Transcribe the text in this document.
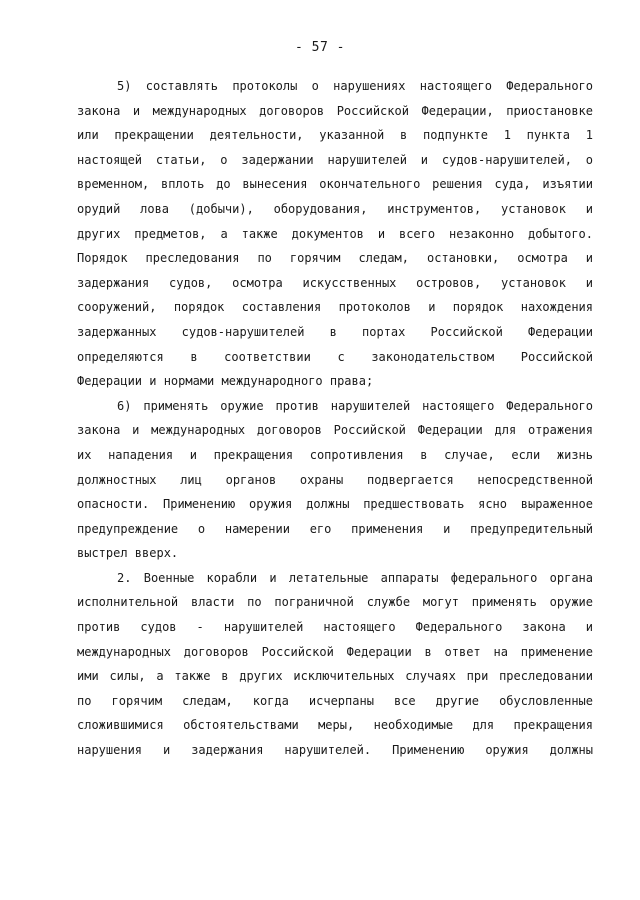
- 57 -
5) составлять протоколы о нарушениях настоящего Федерального
закона и международных договоров Российской Федерации, приостановке
или прекращении деятельности, указанной в подпункте 1 пункта 1
настоящей статьи, о задержании нарушителей и судов-нарушителей, о
временном, вплоть до вынесения окончательного решения суда, изъятии
орудий лова (добычи), оборудования, инструментов, установок и
других предметов, а также документов и всего незаконно добытого.
Порядок преследования по горячим следам, остановки, осмотра и
задержания судов, осмотра искусственных островов, установок и
сооружений, порядок составления протоколов и порядок нахождения
задержанных судов-нарушителей в портах Российской Федерации
определяются в соответствии с законодательством Российской
Федерации и нормами международного права;
6) применять оружие против нарушителей настоящего Федерального
закона и международных договоров Российской Федерации для отражения
их нападения и прекращения сопротивления в случае, если жизнь
должностных лиц органов охраны подвергается непосредственной
опасности. Применению оружия должны предшествовать ясно выраженное
предупреждение о намерении его применения и предупредительный
выстрел вверх.
2. Военные корабли и летательные аппараты федерального органа
исполнительной власти по пограничной службе могут применять оружие
против судов - нарушителей настоящего Федерального закона и
международных договоров Российской Федерации в ответ на применение
ими силы, а также в других исключительных случаях при преследовании
по горячим следам, когда исчерпаны все другие обусловленные
сложившимися обстоятельствами меры, необходимые для прекращения
нарушения и задержания нарушителей. Применению оружия должны
